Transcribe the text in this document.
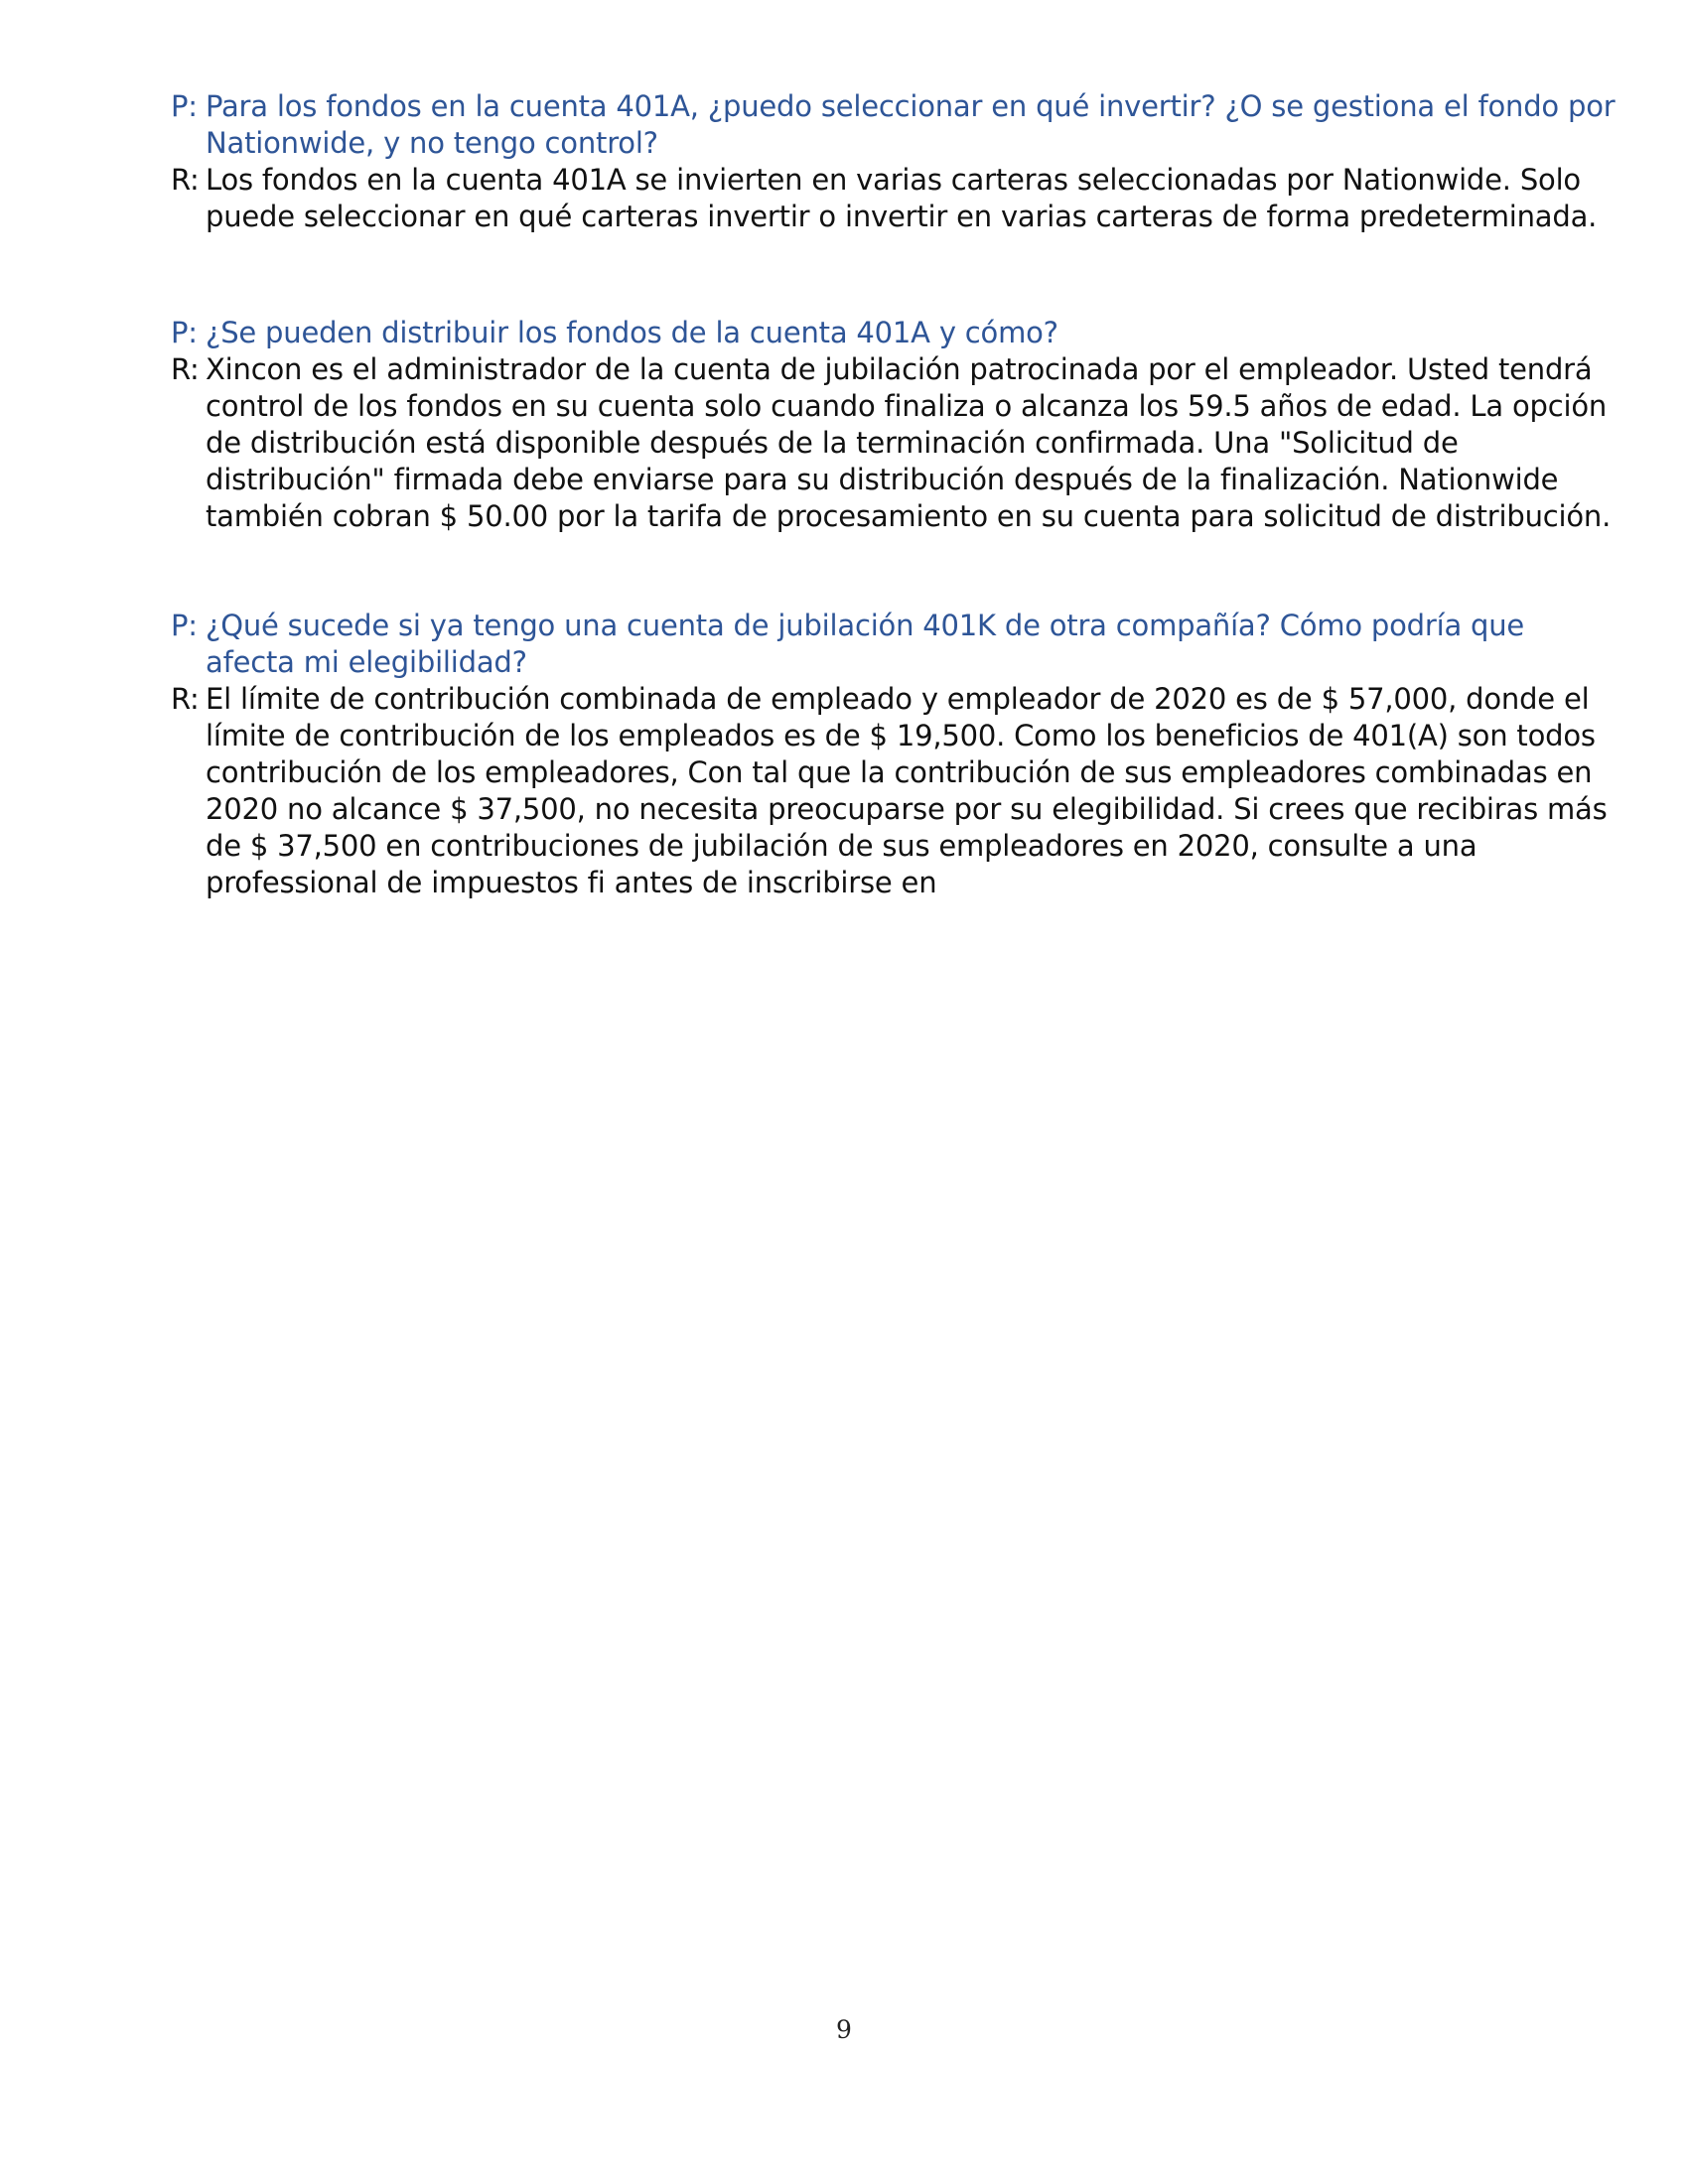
P: Para los fondos en la cuenta 401A, ¿puedo seleccionar en qué invertir? ¿O se gestiona el fondo por Nationwide, y no tengo control?
R: Los fondos en la cuenta 401A se invierten en varias carteras seleccionadas por Nationwide. Solo puede seleccionar en qué carteras invertir o invertir en varias carteras de forma predeterminada.
P: ¿Se pueden distribuir los fondos de la cuenta 401A y cómo?
R: Xincon es el administrador de la cuenta de jubilación patrocinada por el empleador. Usted tendrá control de los fondos en su cuenta solo cuando finaliza o alcanza los 59.5 años de edad. La opción de distribución está disponible después de la terminación confirmada. Una "Solicitud de distribución" firmada debe enviarse para su distribución después de la finalización. Nationwide también cobran $ 50.00 por la tarifa de procesamiento en su cuenta para solicitud de distribución.
P: ¿Qué sucede si ya tengo una cuenta de jubilación 401K de otra compañía? Cómo podría que afecta mi elegibilidad?
R: El límite de contribución combinada de empleado y empleador de 2020 es de $ 57,000, donde el límite de contribución de los empleados es de $ 19,500. Como los beneficios de 401(A) son todos contribución de los empleadores, Con tal que la contribución de sus empleadores combinadas en 2020 no alcance $ 37,500, no necesita preocuparse por su elegibilidad. Si crees que recibiras más de $ 37,500 en contribuciones de jubilación de sus empleadores en 2020, consulte a una professional de impuestos fi antes de inscribirse en
9
